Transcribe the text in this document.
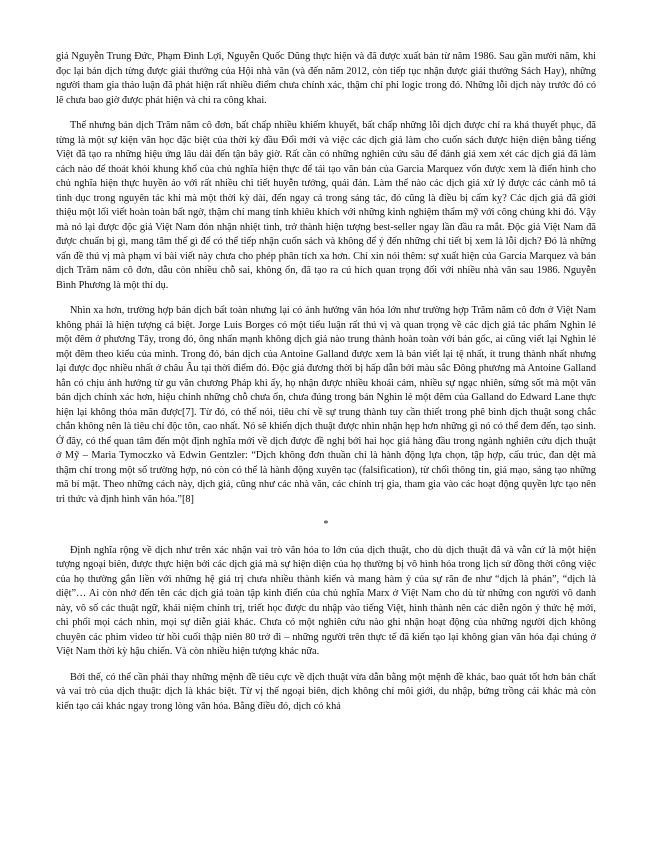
giả Nguyễn Trung Đức, Phạm Đình Lợi, Nguyễn Quốc Dũng thực hiện và đã được xuất bản từ năm 1986. Sau gần mười năm, khi đọc lại bản dịch từng được giải thưởng của Hội nhà văn (và đến năm 2012, còn tiếp tục nhận được giải thưởng Sách Hay), những người tham gia thảo luận đã phát hiện rất nhiều điểm chưa chính xác, thậm chí phi logic trong đó. Những lỗi dịch này trước đó có lẽ chưa bao giờ được phát hiện và chỉ ra công khai.

Thế nhưng bản dịch Trăm năm cô đơn, bất chấp nhiều khiếm khuyết, bất chấp những lỗi dịch được chỉ ra khá thuyết phục, đã từng là một sự kiện văn học đặc biệt của thời kỳ đầu Đổi mới và việc các dịch giả làm cho cuốn sách được hiện diện bằng tiếng Việt đã tạo ra những hiệu ứng lâu dài đến tận bây giờ. Rất cần có những nghiên cứu sâu để đánh giá xem xét các dịch giả đã làm cách nào để thoát khỏi khung khổ của chủ nghĩa hiện thực để tái tạo văn bản của Garcia Marquez vốn được xem là điển hình cho chủ nghĩa hiện thực huyền ảo với rất nhiều chi tiết huyễn tưởng, quái đản. Làm thế nào các dịch giả xử lý được các cảnh mô tả tình dục trong nguyên tác khi mà một thời kỳ dài, đến ngay cả trong sáng tác, đó cũng là điều bị cấm kỵ? Các dịch giả đã giới thiệu một lối viết hoàn toàn bất ngờ, thậm chí mang tính khiêu khích với những kinh nghiệm thẩm mỹ với công chúng khi đó. Vậy mà nó lại được độc giả Việt Nam đón nhận nhiệt tình, trở thành hiện tượng best-seller ngay lần đầu ra mắt. Độc giả Việt Nam đã được chuẩn bị gì, mang tâm thế gì để có thể tiếp nhận cuốn sách và không để ý đến những chi tiết bị xem là lỗi dịch? Đó là những vấn đề thú vị mà phạm vi bài viết này chưa cho phép phân tích xa hơn. Chỉ xin nói thêm: sự xuất hiện của Garcia Marquez và bản dịch Trăm năm cô đơn, dẫu còn nhiều chỗ sai, không ổn, đã tạo ra cú hích quan trọng đối với nhiều nhà văn sau 1986. Nguyễn Bình Phương là một thí dụ.

Nhìn xa hơn, trường hợp bản dịch bất toàn nhưng lại có ảnh hưởng văn hóa lớn như trường hợp Trăm năm cô đơn ở Việt Nam không phải là hiện tượng cá biệt. Jorge Luis Borges có một tiểu luận rất thú vị và quan trọng về các dịch giả tác phẩm Nghìn lẻ một đêm ở phương Tây, trong đó, ông nhấn mạnh không dịch giả nào trung thành hoàn toàn với bản gốc, ai cũng viết lại Nghìn lẻ một đêm theo kiểu của mình. Trong đó, bản dịch của Antoine Galland được xem là bản viết lại tệ nhất, ít trung thành nhất nhưng lại được đọc nhiều nhất ở châu Âu tại thời điểm đó. Độc giả đương thời bị hấp dẫn bởi màu sắc Đông phương mà Antoine Galland hẳn có chịu ảnh hưởng từ gu văn chương Pháp khi ấy, họ nhận được nhiều khoái cảm, nhiều sự ngạc nhiên, sửng sốt mà một văn bản dịch chính xác hơn, hiệu chỉnh những chỗ chưa ổn, chưa đúng trong bản Nghìn lẻ một đêm của Galland do Edward Lane thực hiện lại không thỏa mãn được[7]. Từ đó, có thể nói, tiêu chí về sự trung thành tuy cần thiết trong phê bình dịch thuật song chắc chắn không nên là tiêu chí độc tôn, cao nhất. Nó sẽ khiến dịch thuật được nhìn nhận hẹp hơn những gì nó có thể đem đến, tạo sinh. Ở đây, có thể quan tâm đến một định nghĩa mới về dịch được đề nghị bởi hai học giả hàng đầu trong ngành nghiên cứu dịch thuật ở Mỹ – Maria Tymoczko và Edwin Gentzler: “Dịch không đơn thuần chỉ là hành động lựa chọn, tập hợp, cấu trúc, đan dệt mà thậm chí trong một số trường hợp, nó còn có thể là hành động xuyên tạc (falsification), từ chối thông tin, giả mạo, sáng tạo những mã bí mật. Theo những cách này, dịch giả, cũng như các nhà văn, các chính trị gia, tham gia vào các hoạt động quyền lực tạo nên tri thức và định hình văn hóa.”[8]

*

Định nghĩa rộng về dịch như trên xác nhận vai trò văn hóa to lớn của dịch thuật, cho dù dịch thuật đã và vẫn cứ là một hiện tượng ngoại biên, được thực hiện bởi các dịch giả mà sự hiện diện của họ thường bị vô hình hóa trong lịch sử đồng thời công việc của họ thường gắn liền với những hệ giá trị chưa nhiều thành kiến và mang hàm ý của sự răn đe như “dịch là phản”, “dịch là diệt”… Ai còn nhớ đến tên các dịch giả toàn tập kinh điển của chủ nghĩa Marx ở Việt Nam cho dù từ những con người vô danh này, vô số các thuật ngữ, khái niệm chính trị, triết học được du nhập vào tiếng Việt, hình thành nên các diễn ngôn ý thức hệ mới, chi phối mọi cách nhìn, mọi sự diễn giải khác. Chưa có một nghiên cứu nào ghi nhận hoạt động của những người dịch không chuyên các phim video từ hồi cuối thập niên 80 trở đi – những người trên thực tế đã kiến tạo lại không gian văn hóa đại chúng ở Việt Nam thời kỳ hậu chiến. Và còn nhiều hiện tượng khác nữa.

Bởi thế, có thể cần phải thay những mệnh đề tiêu cực về dịch thuật vừa dẫn bằng một mệnh đề khác, bao quát tốt hơn bản chất và vai trò của dịch thuật: dịch là khác biệt. Từ vị thế ngoại biên, dịch không chỉ môi giới, du nhập, bứng trồng cái khác mà còn kiến tạo cái khác ngay trong lòng văn hóa. Bằng điều đó, dịch có khả
